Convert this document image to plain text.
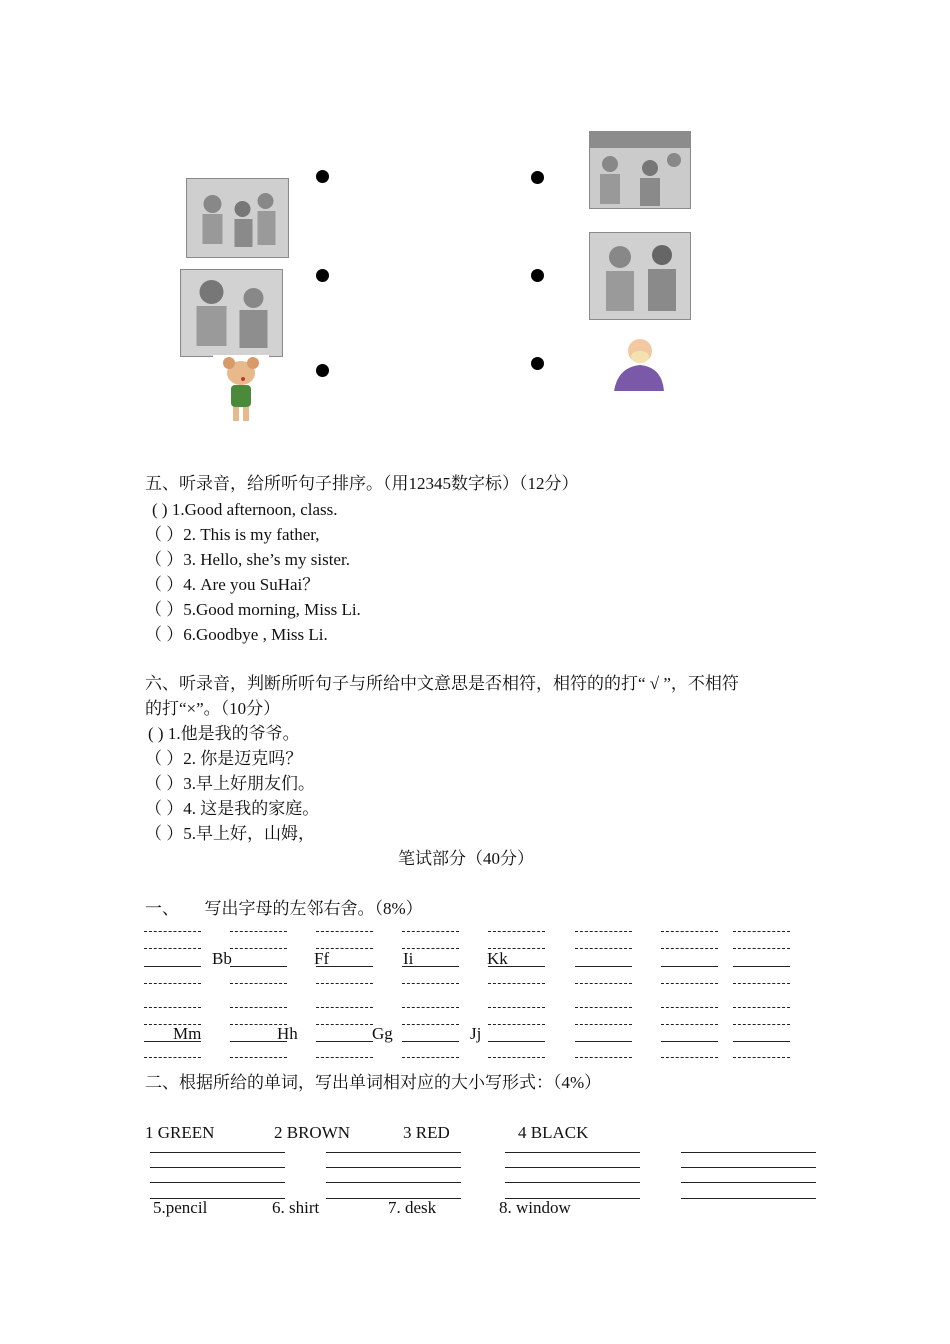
五、听录音，给所听句子排序。（用12345数字标）（12分）
( ) 1.Good afternoon, class.
（ ）2. This is my father,
（ ）3. Hello, she’s my sister.
（ ）4. Are you SuHai？
（ ）5.Good morning, Miss Li.
（ ）6.Goodbye , Miss Li.
六、听录音，判断所听句子与所给中文意思是否相符，相符的的打“ √ ”，不相符
的打“×”。（10分）
( ) 1.他是我的爷爷。
（ ）2. 你是迈克吗？
（ ）3.早上好朋友们。
（ ）4. 这是我的家庭。
（ ）5.早上好，山姆，
笔试部分（40分）
一、　　写出字母的左邻右舍。（8%）
Bb	Ff	Ii	Kk
Mm	Hh	Gg	Jj
二、根据所给的单词，写出单词相对应的大小写形式：（4%）
1 GREEN	2 BROWN	3 RED	4 BLACK
5.pencil	6. shirt	7. desk	8. window
